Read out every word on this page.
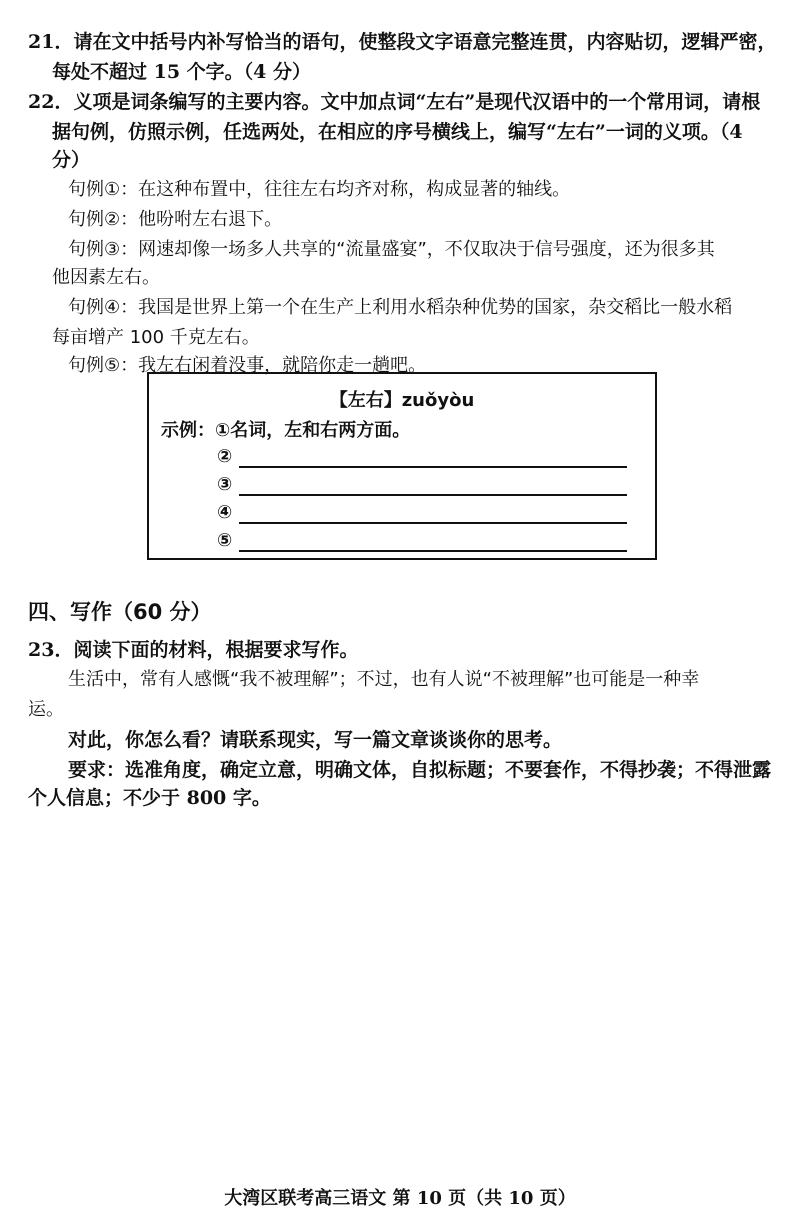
21．请在文中括号内补写恰当的语句，使整段文字语意完整连贯，内容贴切，逻辑严密，
每处不超过 15 个字。（4 分）
22．义项是词条编写的主要内容。文中加点词“左右”是现代汉语中的一个常用词，请根
据句例，仿照示例，任选两处，在相应的序号横线上，编写“左右”一词的义项。（4
分）
句例①：在这种布置中，往往左右均齐对称，构成显著的轴线。
句例②：他吩咐左右退下。
句例③：网速却像一场多人共享的“流量盛宴”，不仅取决于信号强度，还为很多其
他因素左右。
句例④：我国是世界上第一个在生产上利用水稻杂种优势的国家，杂交稻比一般水稻
每亩增产 100 千克左右。
句例⑤：我左右闲着没事，就陪你走一趟吧。
【左右】zuǒyòu
示例：①名词，左和右两方面。
②
③
④
⑤
四、写作（60 分）
23．阅读下面的材料，根据要求写作。
生活中，常有人感慨“我不被理解”；不过，也有人说“不被理解”也可能是一种幸
运。
对此，你怎么看？请联系现实，写一篇文章谈谈你的思考。
要求：选准角度，确定立意，明确文体，自拟标题；不要套作，不得抄袭；不得泄露
个人信息；不少于 800 字。
大湾区联考高三语文 第 10 页（共 10 页）
